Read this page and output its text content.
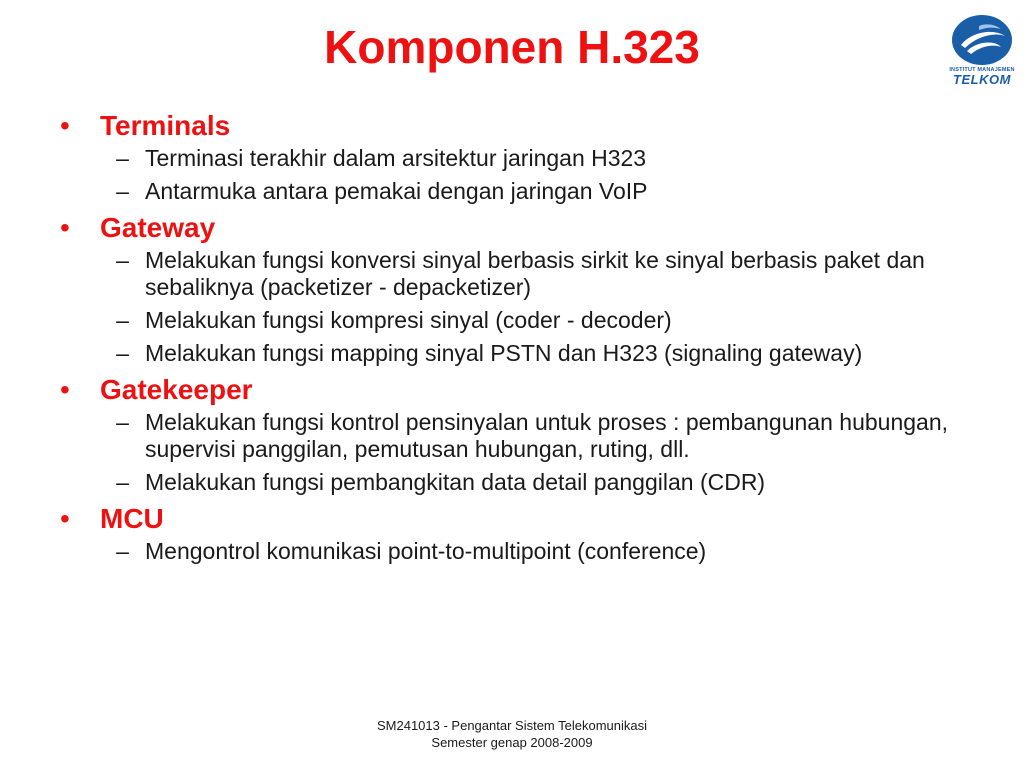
Komponen H.323	INSTITUT MANAJEMEN
TELKOM
• Terminals
– Terminasi terakhir dalam arsitektur jaringan H323
– Antarmuka antara pemakai dengan jaringan VoIP
• Gateway
– Melakukan fungsi konversi sinyal berbasis sirkit ke sinyal berbasis paket dan sebaliknya (packetizer - depacketizer)
– Melakukan fungsi kompresi sinyal (coder - decoder)
– Melakukan fungsi mapping sinyal PSTN dan H323 (signaling gateway)
• Gatekeeper
– Melakukan fungsi kontrol pensinyalan untuk proses : pembangunan hubungan, supervisi panggilan, pemutusan hubungan, ruting, dll.
– Melakukan fungsi pembangkitan data detail panggilan (CDR)
• MCU
– Mengontrol komunikasi point-to-multipoint (conference)
SM241013 - Pengantar Sistem Telekomunikasi
Semester genap 2008-2009
